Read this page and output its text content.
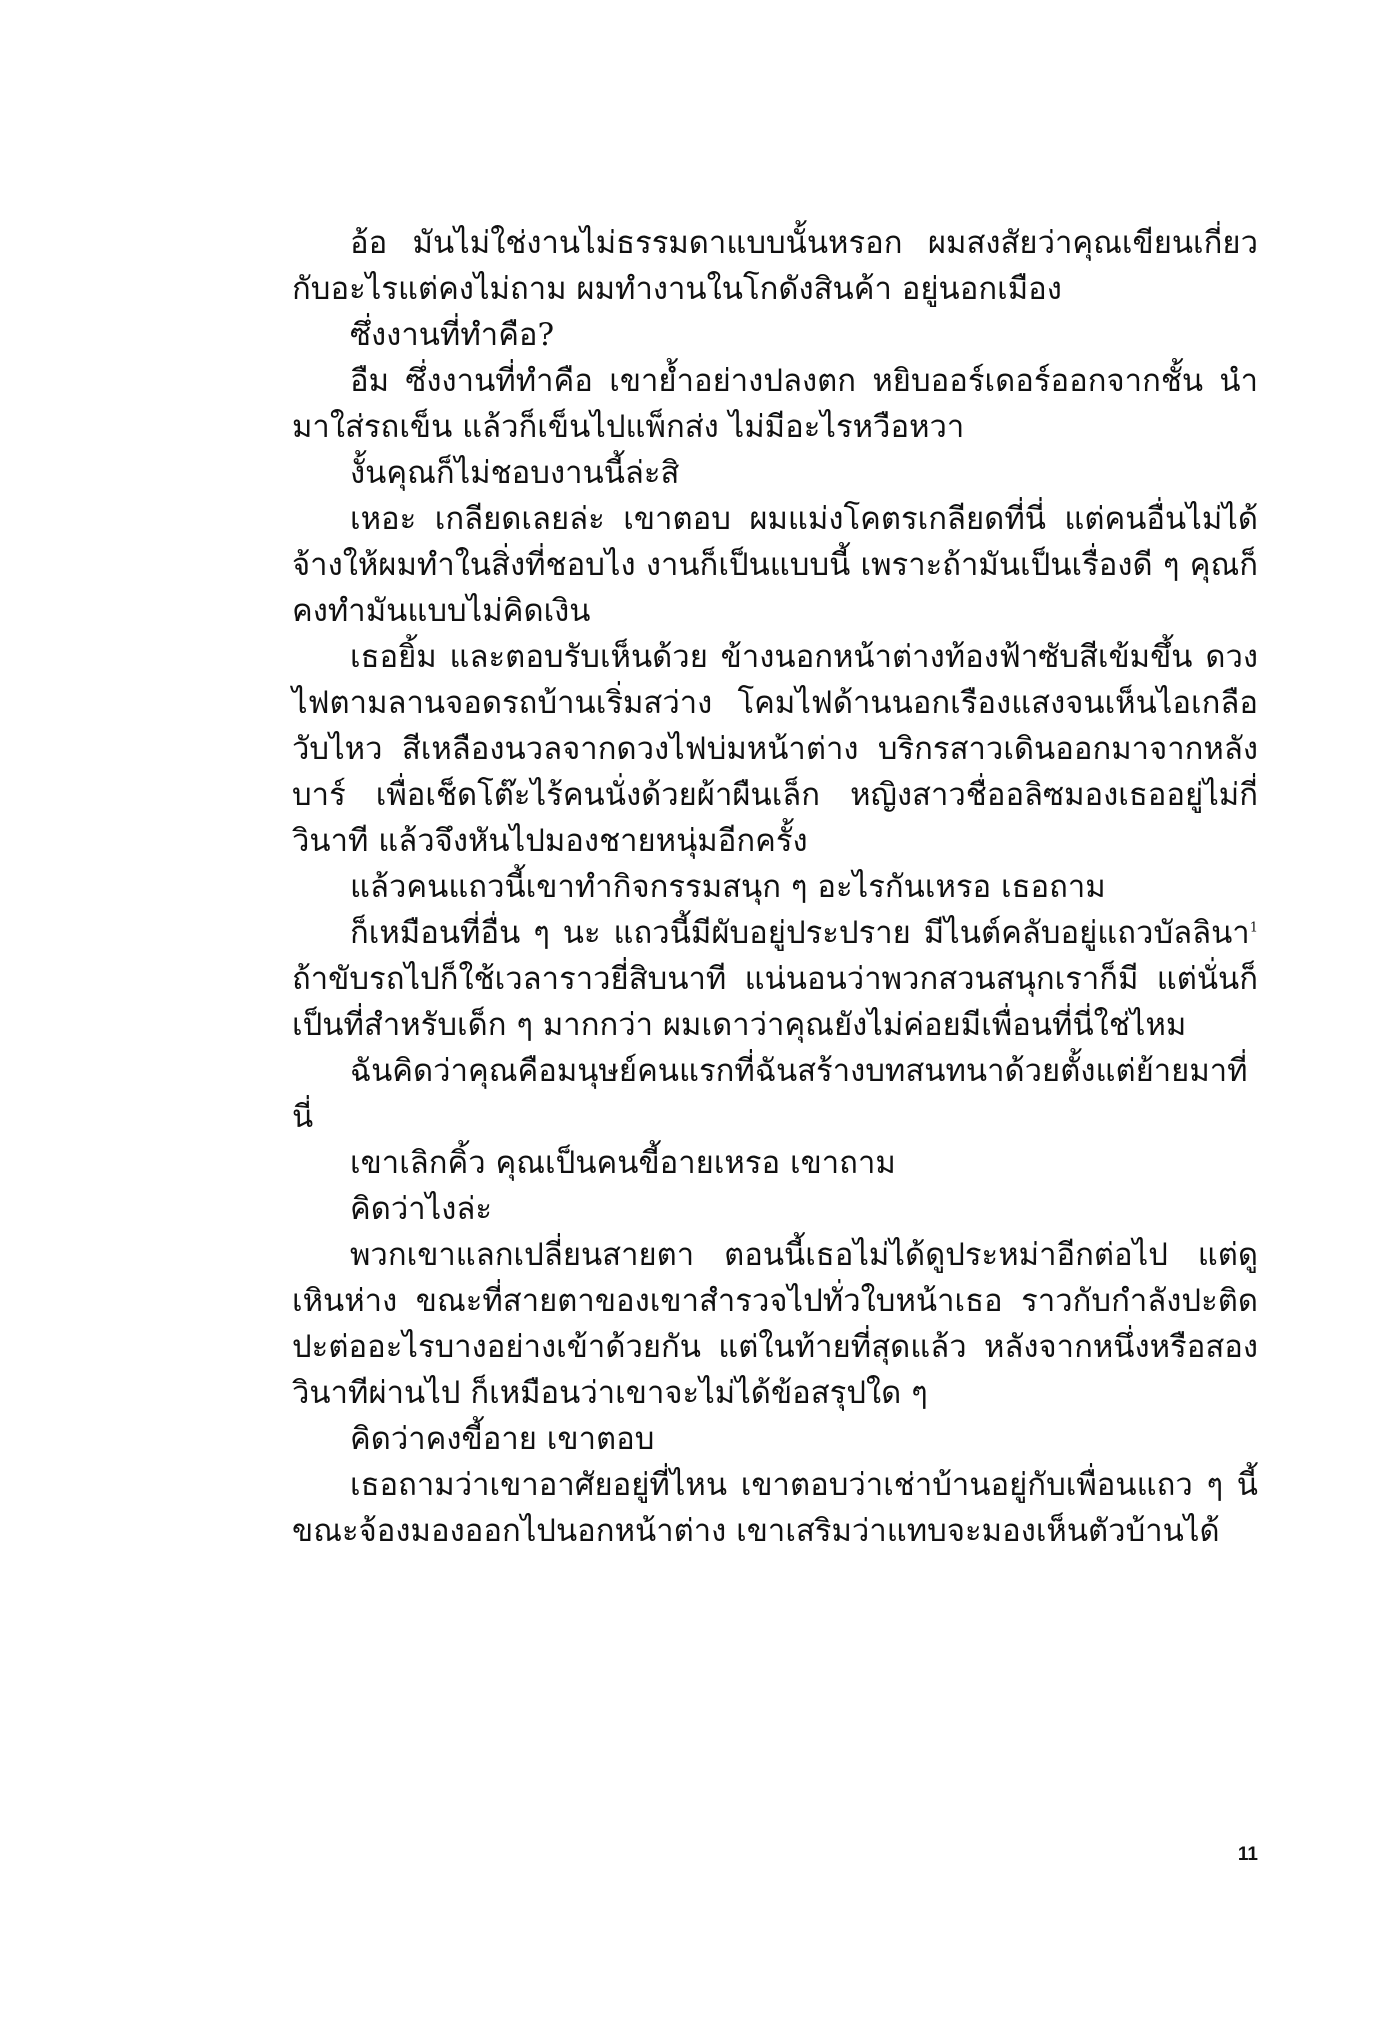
อ้อ มันไม่ใช่งานไม่ธรรมดาแบบนั้นหรอก ผมสงสัยว่าคุณเขียนเกี่ยวกับอะไรแต่คงไม่ถาม ผมทำงานในโกดังสินค้า อยู่นอกเมือง

ซึ่งงานที่ทำคือ?

อืม ซึ่งงานที่ทำคือ เขาย้ำอย่างปลงตก หยิบออร์เดอร์ออกจากชั้น นำมาใส่รถเข็น แล้วก็เข็นไปแพ็กส่ง ไม่มีอะไรหวือหวา

งั้นคุณก็ไม่ชอบงานนี้ล่ะสิ

เหอะ เกลียดเลยล่ะ เขาตอบ ผมแม่งโคตรเกลียดที่นี่ แต่คนอื่นไม่ได้จ้างให้ผมทำในสิ่งที่ชอบไง งานก็เป็นแบบนี้ เพราะถ้ามันเป็นเรื่องดี ๆ คุณก็คงทำมันแบบไม่คิดเงิน

เธอยิ้ม และตอบรับเห็นด้วย ข้างนอกหน้าต่างท้องฟ้าซับสีเข้มขึ้น ดวงไฟตามลานจอดรถบ้านเริ่มสว่าง โคมไฟด้านนอกเรืองแสงจนเห็นไอเกลือวับไหว สีเหลืองนวลจากดวงไฟบ่มหน้าต่าง บริกรสาวเดินออกมาจากหลังบาร์ เพื่อเช็ดโต๊ะไร้คนนั่งด้วยผ้าผืนเล็ก หญิงสาวชื่ออลิซมองเธออยู่ไม่กี่วินาที แล้วจึงหันไปมองชายหนุ่มอีกครั้ง

แล้วคนแถวนี้เขาทำกิจกรรมสนุก ๆ อะไรกันเหรอ เธอถาม

ก็เหมือนที่อื่น ๆ นะ แถวนี้มีผับอยู่ประปราย มีไนต์คลับอยู่แถวบัลลินา$^1$ ถ้าขับรถไปก็ใช้เวลาราวยี่สิบนาที แน่นอนว่าพวกสวนสนุกเราก็มี แต่นั่นก็เป็นที่สำหรับเด็ก ๆ มากกว่า ผมเดาว่าคุณยังไม่ค่อยมีเพื่อนที่นี่ใช่ไหม

ฉันคิดว่าคุณคือมนุษย์คนแรกที่ฉันสร้างบทสนทนาด้วยตั้งแต่ย้ายมาที่นี่

เขาเลิกคิ้ว คุณเป็นคนขี้อายเหรอ เขาถาม

คิดว่าไงล่ะ

พวกเขาแลกเปลี่ยนสายตา ตอนนี้เธอไม่ได้ดูประหม่าอีกต่อไป แต่ดูเหินห่าง ขณะที่สายตาของเขาสำรวจไปทั่วใบหน้าเธอ ราวกับกำลังปะติดปะต่ออะไรบางอย่างเข้าด้วยกัน แต่ในท้ายที่สุดแล้ว หลังจากหนึ่งหรือสองวินาทีผ่านไป ก็เหมือนว่าเขาจะไม่ได้ข้อสรุปใด ๆ

คิดว่าคงขี้อาย เขาตอบ

เธอถามว่าเขาอาศัยอยู่ที่ไหน เขาตอบว่าเช่าบ้านอยู่กับเพื่อนแถว ๆ นี้ ขณะจ้องมองออกไปนอกหน้าต่าง เขาเสริมว่าแทบจะมองเห็นตัวบ้านได้

11
